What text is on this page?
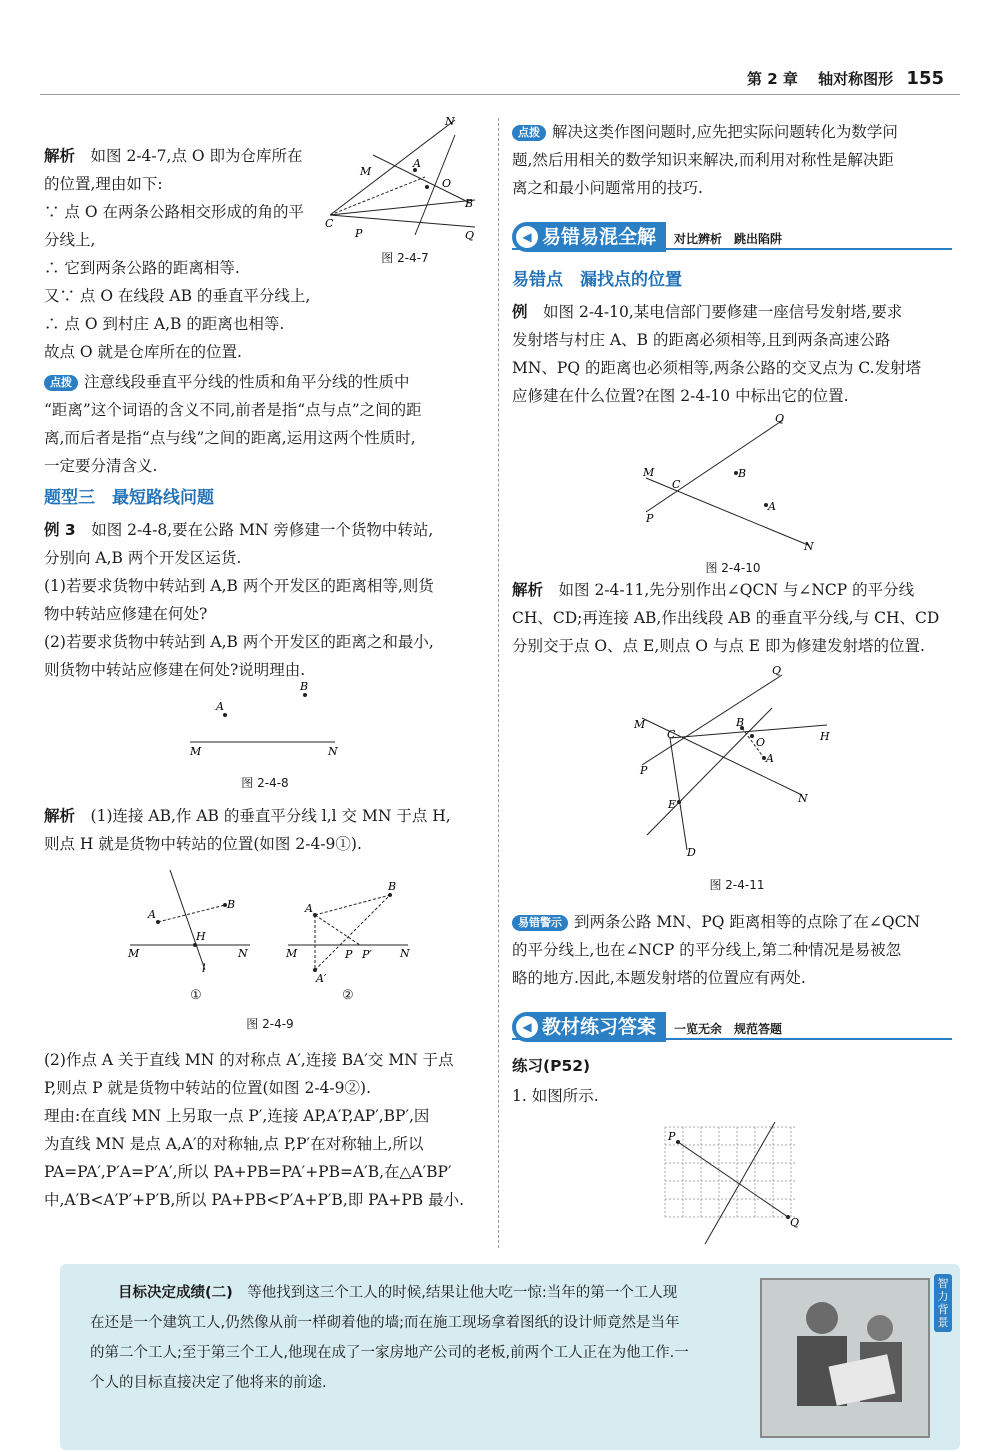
第 2 章　 轴对称图形 155
解析　 如图 2-4-7,点 O 即为仓库所在
的位置,理由如下:
∵ 点 O 在两条公路相交形成的角的平
分线上,
∴ 它到两条公路的距离相等.
又∵ 点 O 在线段 AB 的垂直平分线上,
∴ 点 O 到村庄 A,B 的距离也相等.
故点 O 就是仓库所在的位置.
N
M
C
A
O
B
P	Q
图 2-4-7
点拨 注意线段垂直平分线的性质和角平分线的性质中
“距离”这个词语的含义不同,前者是指“点与点”之间的距
离,而后者是指“点与线”之间的距离,运用这两个性质时,
一定要分清含义.
题型三　最短路线问题
例 3　 如图 2-4-8,要在公路 MN 旁修建一个货物中转站,
分别向 A,B 两个开发区运货.
(1)若要求货物中转站到 A,B 两个开发区的距离相等,则货
物中转站应修建在何处?
(2)若要求货物中转站到 A,B 两个开发区的距离之和最小,
则货物中转站应修建在何处?说明理由.
A
B
M	N
图 2-4-8
解析　 (1)连接 AB,作 AB 的垂直平分线 l,l 交 MN 于点 H,
则点 H 就是货物中转站的位置(如图 2-4-9①).
A
B
H
M	N
l
A
B
A′
P P′
M	N
①	②
图 2-4-9
(2)作点 A 关于直线 MN 的对称点 A′,连接 BA′交 MN 于点
P,则点 P 就是货物中转站的位置(如图 2-4-9②).
理由:在直线 MN 上另取一点 P′,连接 AP,A′P,AP′,BP′,因
为直线 MN 是点 A,A′的对称轴,点 P,P′在对称轴上,所以
PA=PA′,P′A=P′A′,所以 PA+PB=PA′+PB=A′B,在△A′BP′
中,A′B<A′P′+P′B,所以 PA+PB<P′A+P′B,即 PA+PB 最小.
点拨 解决这类作图问题时,应先把实际问题转化为数学问
题,然后用相关的数学知识来解决,而利用对称性是解决距
离之和最小问题常用的技巧.
◀ 易错易混全解 对比辨析　跳出陷阱
易错点　漏找点的位置
例　 如图 2-4-10,某电信部门要修建一座信号发射塔,要求
发射塔与村庄 A、B 的距离必须相等,且到两条高速公路
MN、PQ 的距离也必须相等,两条公路的交叉点为 C.发射塔
应修建在什么位置?在图 2-4-10 中标出它的位置.
Q
M
C
B
A
P
N
图 2-4-10
解析　 如图 2-4-11,先分别作出∠QCN 与∠NCP 的平分线
CH、CD;再连接 AB,作出线段 AB 的垂直平分线,与 CH、CD
分别交于点 O、点 E,则点 O 与点 E 即为修建发射塔的位置.
Q
M
C
B
O
A
H
P
N
E
D
图 2-4-11
易错警示 到两条公路 MN、PQ 距离相等的点除了在∠QCN
的平分线上,也在∠NCP 的平分线上,第二种情况是易被忽
略的地方.因此,本题发射塔的位置应有两处.
◀ 教材练习答案 一览无余　规范答题
练习(P52)
1. 如图所示.
P
Q
目标决定成绩(二)　 等他找到这三个工人的时候,结果让他大吃一惊:当年的第一个工人现
在还是一个建筑工人,仍然像从前一样砌着他的墙;而在施工现场拿着图纸的设计师竟然是当年
的第二个工人;至于第三个工人,他现在成了一家房地产公司的老板,前两个工人正在为他工作.一
个人的目标直接决定了他将来的前途.
智力背景
